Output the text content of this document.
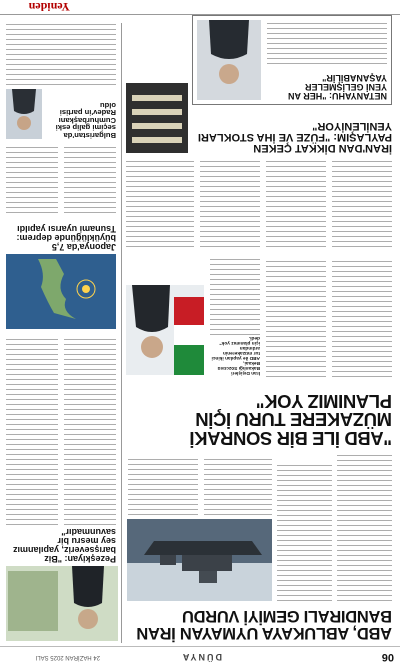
06
DÜNYA
24 HAZİRAN 2025 SALI
ABD, ABLUKAYA UYMAYAN İRAN BANDIRALI GEMİYİ VURDU
Pezeşkiyan: "Biz barışseveriz, yapılanmız sey mesru bir savunmadır"
"ABD İLE BİR SONRAKİ MÜZAKERE TURU İÇİN PLANIMIZ YOK"
İran Dışişleri Bakanlığı Sözcüsü Bekaai,
ABD ile yapılan ikinci tur müzakerenin ardından
için planımız yok" dedi.
Japonya'da 7,5 büyüklüğünde deprem: Tsunami uyarısı yapıldı
Bulgaristan'da seçimi galip eski Cumhurbaşkanı Radev'in partisi oldu
İRAN'DAN DİKKAT ÇEKEN PAYLAŞIM: "FÜZE VE İHA STOKLARI YENİLENİYOR"
NETANYAHU: "HER AN YENİ GELİŞMELER YAŞANABİLİR"
Yeniden
